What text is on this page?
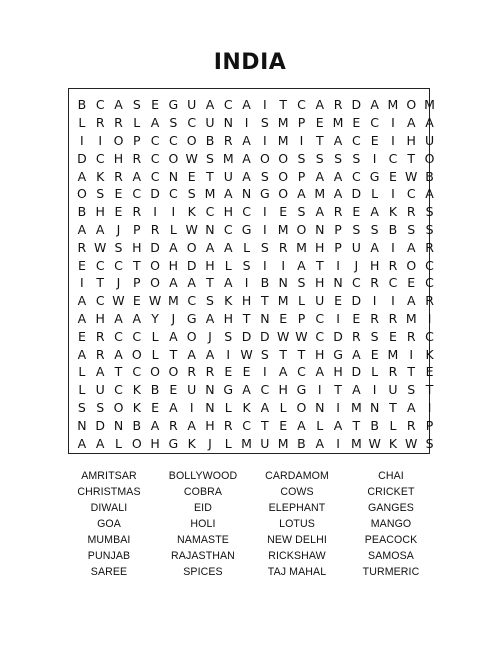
INDIA
B C A S E G U A C A I T C A R D A M O M
L R R L A S C U N I S M P E M E C I A A
I	I O P C C O B R A I M I T A C E I H U
D C H R C O W S M A O O S S S S I C T O
A K R A C N E T U A S O P A A C G E W B
O S E C D C S M A N G O A M A D L I C A
B H E R I	I K C H C I E S A R E A K R S
A A J P R L W N C G I M O N P S S B S S
R W S H D A O A A L S R M H P U A I A R
E C C T O H D H L S I	I A T I	J H R O C
I T J P O A A T A I B N S H N C R C E C
A C W E W M C S K H T M L U E D I	I A R
A H A A Y J G A H T N E P C I E R R M I
E R C C L A O J S D D W W C D R S E R C
A R A O L T A A I W S T T H G A E M I K
L A T C O O R R E E I A C A H D L R T E
L U C K B E U N G A C H G I T A I U S T
S S O K E A I N L K A L O N I M N T A I
N D N B A R A H R C T E A L A T B L R P
A A L O H G K J L M U M B A I M W K W S
AMRITSAR	BOLLYWOOD	CARDAMOM	CHAI
CHRISTMAS	COBRA	COWS	CRICKET
DIWALI	EID	ELEPHANT	GANGES
GOA	HOLI	LOTUS	MANGO
MUMBAI	NAMASTE	NEW DELHI	PEACOCK
PUNJAB	RAJASTHAN	RICKSHAW	SAMOSA
SAREE	SPICES	TAJ MAHAL	TURMERIC
